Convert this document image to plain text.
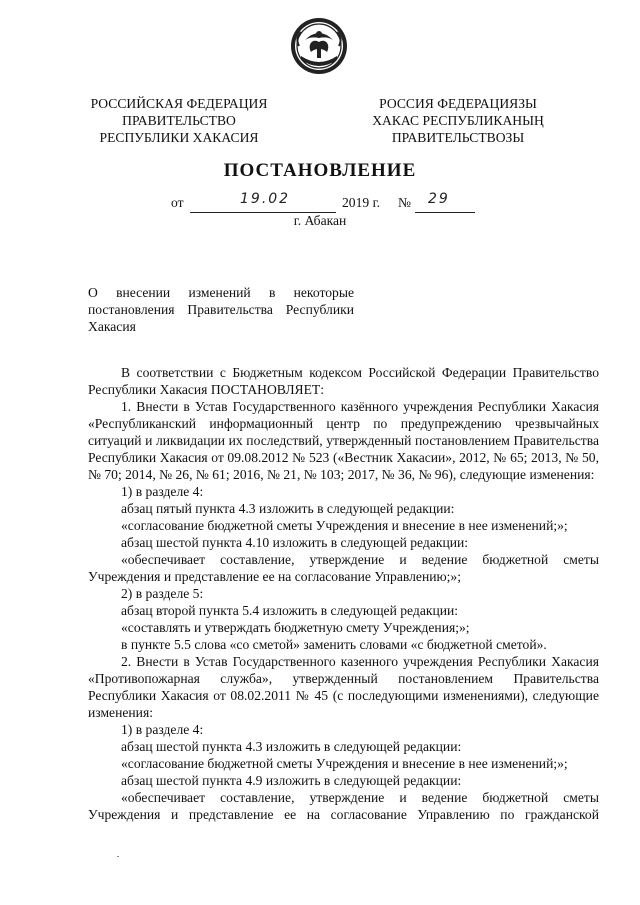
РОССИЙСКАЯ ФЕДЕРАЦИЯ
ПРАВИТЕЛЬСТВО
РЕСПУБЛИКИ ХАКАСИЯ
РОССИЯ ФЕДЕРАЦИЯЗЫ
ХАКАС РЕСПУБЛИКАНЫҢ
ПРАВИТЕЛЬСТВОЗЫ
ПОСТАНОВЛЕНИЕ
от	19.02	2019 г. № 29
г. Абакан
О внесении изменений в некоторые
постановления Правительства Республики
Хакасия

В соответствии с Бюджетным кодексом Российской Федерации Правительство Республики Хакасия ПОСТАНОВЛЯЕТ:

1. Внести в Устав Государственного казённого учреждения Республики Хакасия «Республиканский информационный центр по предупреждению чрезвычайных ситуаций и ликвидации их последствий, утвержденный постановлением Правительства Республики Хакасия от 09.08.2012 № 523 («Вестник Хакасии», 2012, № 65; 2013, № 50, № 70; 2014, № 26, № 61; 2016, № 21, № 103; 2017, № 36, № 96), следующие изменения:

1) в разделе 4:

абзац пятый пункта 4.3 изложить в следующей редакции:

«согласование бюджетной сметы Учреждения и внесение в нее изменений;»;

абзац шестой пункта 4.10 изложить в следующей редакции:

«обеспечивает составление, утверждение и ведение бюджетной сметы Учреждения и представление ее на согласование Управлению;»;

2) в разделе 5:

абзац второй пункта 5.4 изложить в следующей редакции:

«составлять и утверждать бюджетную смету Учреждения;»;

в пункте 5.5 слова «со сметой» заменить словами «с бюджетной сметой».

2. Внести в Устав Государственного казенного учреждения Республики Хакасия «Противопожарная служба», утвержденный постановлением Правительства Республики Хакасия от 08.02.2011 № 45 (с последующими изменениями), следующие изменения:

1) в разделе 4:

абзац шестой пункта 4.3 изложить в следующей редакции:

«согласование бюджетной сметы Учреждения и внесение в нее изменений;»;

абзац шестой пункта 4.9 изложить в следующей редакции:

«обеспечивает составление, утверждение и ведение бюджетной сметы Учреждения и представление ее на согласование Управлению по гражданской
